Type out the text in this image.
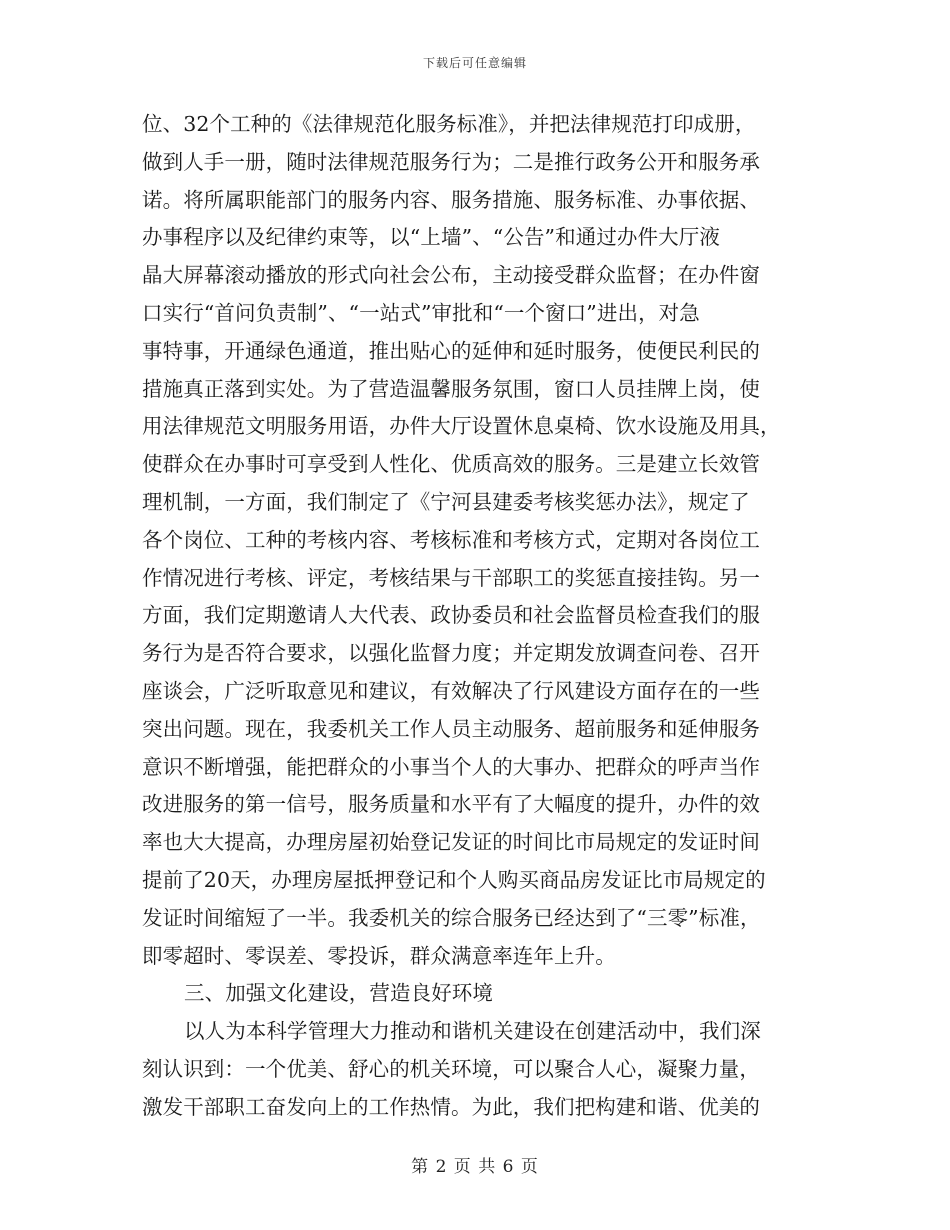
下载后可任意编辑
位、32个工种的《法律规范化服务标准》，并把法律规范打印成册，
做到人手一册，随时法律规范服务行为；二是推行政务公开和服务承
诺。将所属职能部门的服务内容、服务措施、服务标准、办事依据、
办事程序以及纪律约束等，以“上墙”、“公告”和通过办件大厅液
晶大屏幕滚动播放的形式向社会公布，主动接受群众监督；在办件窗
口实行“首问负责制”、“一站式”审批和“一个窗口”进出，对急
事特事，开通绿色通道，推出贴心的延伸和延时服务，使便民利民的
措施真正落到实处。为了营造温馨服务氛围，窗口人员挂牌上岗，使
用法律规范文明服务用语，办件大厅设置休息桌椅、饮水设施及用具，
使群众在办事时可享受到人性化、优质高效的服务。三是建立长效管
理机制，一方面，我们制定了《宁河县建委考核奖惩办法》，规定了
各个岗位、工种的考核内容、考核标准和考核方式，定期对各岗位工
作情况进行考核、评定，考核结果与干部职工的奖惩直接挂钩。另一
方面，我们定期邀请人大代表、政协委员和社会监督员检查我们的服
务行为是否符合要求，以强化监督力度；并定期发放调查问卷、召开
座谈会，广泛听取意见和建议，有效解决了行风建设方面存在的一些
突出问题。现在，我委机关工作人员主动服务、超前服务和延伸服务
意识不断增强，能把群众的小事当个人的大事办、把群众的呼声当作
改进服务的第一信号，服务质量和水平有了大幅度的提升，办件的效
率也大大提高，办理房屋初始登记发证的时间比市局规定的发证时间
提前了20天，办理房屋抵押登记和个人购买商品房发证比市局规定的
发证时间缩短了一半。我委机关的综合服务已经达到了“三零”标准，
即零超时、零误差、零投诉，群众满意率连年上升。
三、加强文化建设，营造良好环境
以人为本科学管理大力推动和谐机关建设在创建活动中，我们深
刻认识到：一个优美、舒心的机关环境，可以聚合人心，凝聚力量，
激发干部职工奋发向上的工作热情。为此，我们把构建和谐、优美的
第 2 页 共 6 页
